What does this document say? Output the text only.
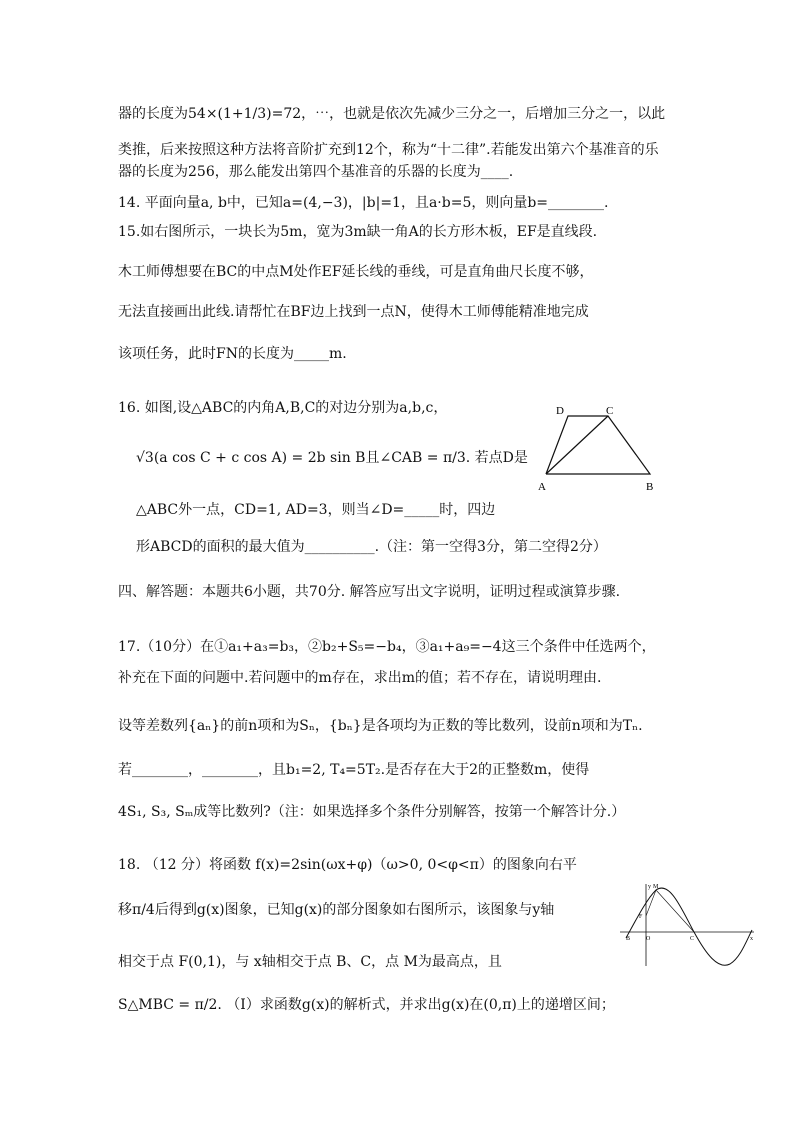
器的长度为54×(1+1/3)=72，⋯，也就是依次先减少三分之一，后增加三分之一，以此
类推，后来按照这种方法将音阶扩充到12个，称为“十二律”.若能发出第六个基准音的乐
器的长度为256，那么能发出第四个基准音的乐器的长度为____.
14. 平面向量a, b中，已知a=(4,−3)，|b|=1，且a·b=5，则向量b=________.
15.如右图所示，一块长为5m，宽为3m缺一角A的长方形木板，EF是直线段.
木工师傅想要在BC的中点M处作EF延长线的垂线，可是直角曲尺长度不够，
无法直接画出此线.请帮忙在BF边上找到一点N，使得木工师傅能精准地完成
该项任务，此时FN的长度为_____m.
16. 如图,设△ABC的内角A,B,C的对边分别为a,b,c，
√3(a cos C + c cos A) = 2b sin B且∠CAB = π/3. 若点D是
△ABC外一点，CD=1, AD=3，则当∠D=_____时，四边
形ABCD的面积的最大值为__________.（注：第一空得3分，第二空得2分）
四、解答题：本题共6小题，共70分. 解答应写出文字说明，证明过程或演算步骤.
17.（10分）在①a₁+a₃=b₃，②b₂+S₅=−b₄，③a₁+a₉=−4这三个条件中任选两个，
补充在下面的问题中.若问题中的m存在，求出m的值；若不存在，请说明理由.
设等差数列{aₙ}的前n项和为Sₙ，{bₙ}是各项均为正数的等比数列，设前n项和为Tₙ.
若________，________，且b₁=2, T₄=5T₂.是否存在大于2的正整数m，使得
4S₁, S₃, Sₘ成等比数列?（注：如果选择多个条件分别解答，按第一个解答计分.）
18. （12 分）将函数 f(x)=2sin(ωx+φ)（ω>0, 0<φ<π）的图象向右平
移π/4后得到g(x)图象，已知g(x)的部分图象如右图所示，该图象与y轴
相交于点 F(0,1)，与 x轴相交于点 B、C，点 M为最高点，且
S△MBC = π/2. （Ⅰ）求函数g(x)的解析式，并求出g(x)在(0,π)上的递增区间；
D	C
A	B
M
y
F
B	O	C	x
